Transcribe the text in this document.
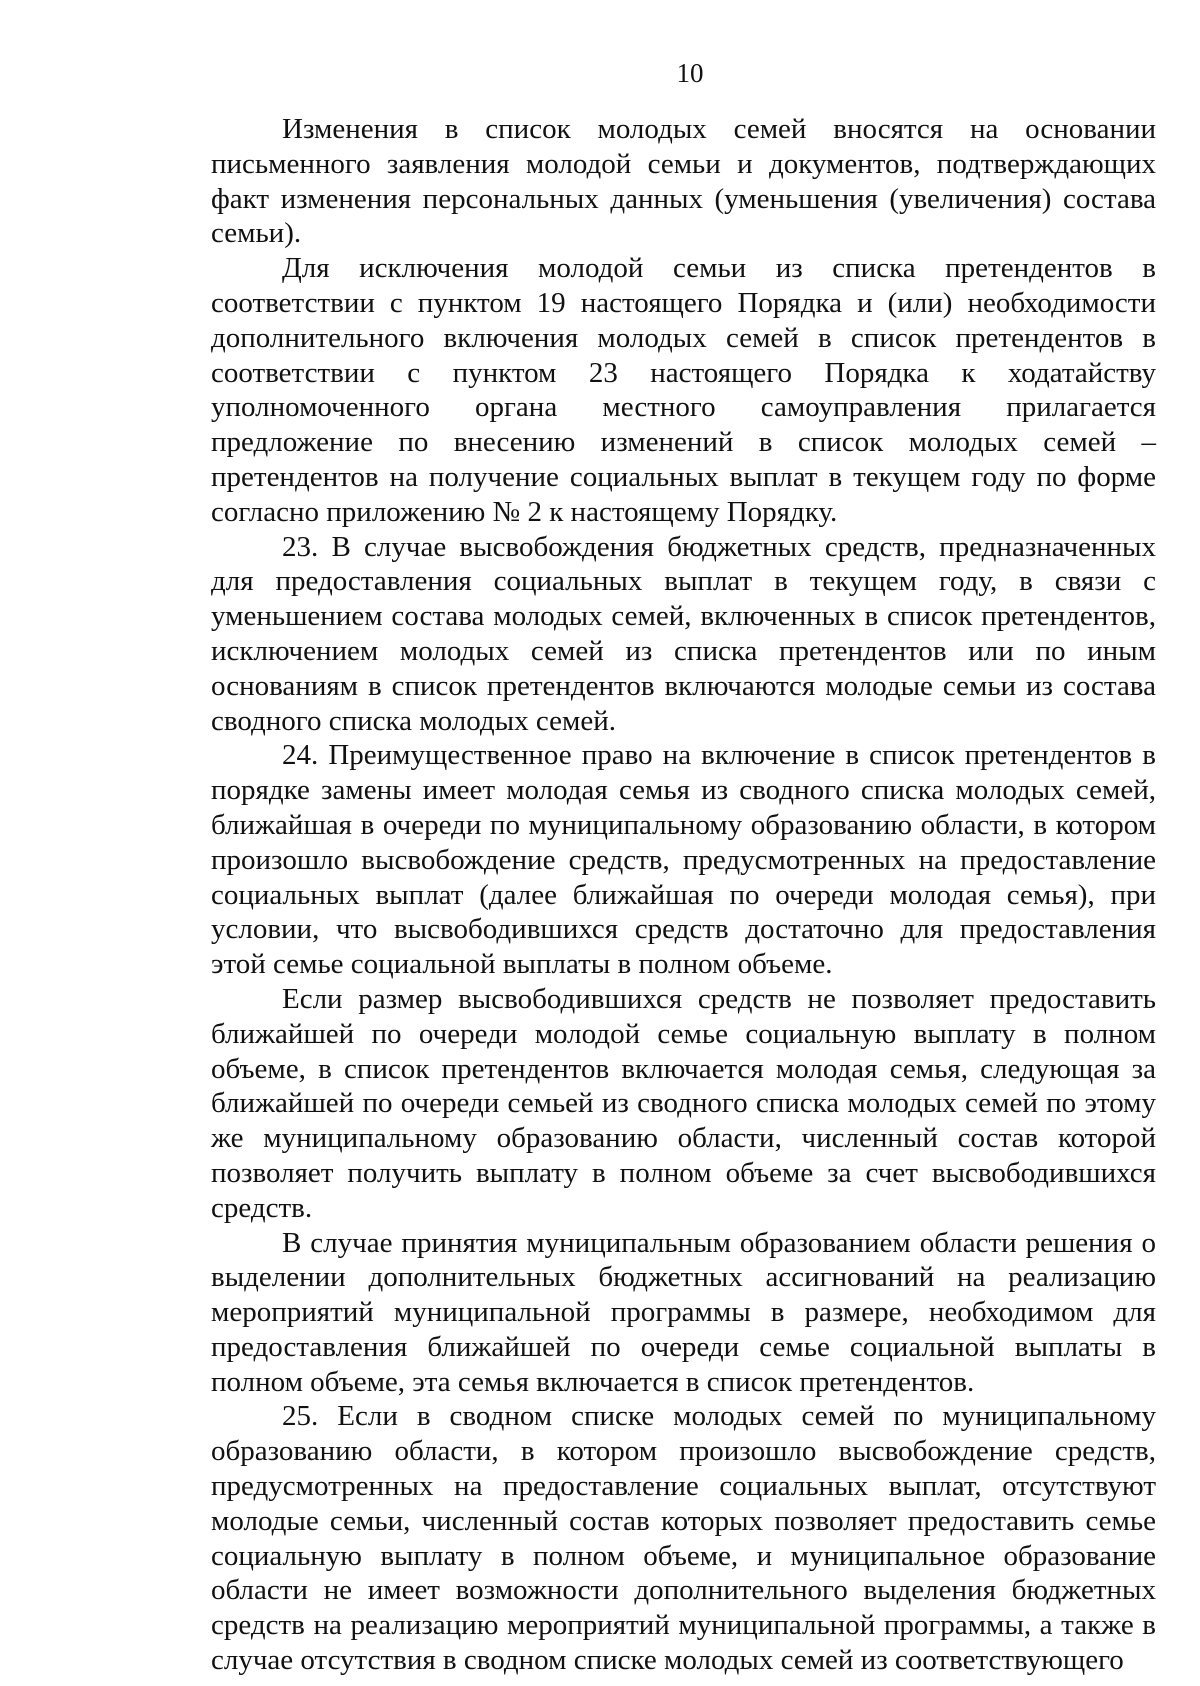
10

Изменения в список молодых семей вносятся на основании письменного заявления молодой семьи и документов, подтверждающих факт изменения персональных данных (уменьшения (увеличения) состава семьи).

Для исключения молодой семьи из списка претендентов в соответствии с пунктом 19 настоящего Порядка и (или) необходимости дополнительного включения молодых семей в список претендентов в соответствии с пунктом 23 настоящего Порядка к ходатайству уполномоченного органа местного самоуправления прилагается предложение по внесению изменений в список молодых семей – претендентов на получение социальных выплат в текущем году по форме согласно приложению № 2 к настоящему Порядку.

23. В случае высвобождения бюджетных средств, предназначенных для предоставления социальных выплат в текущем году, в связи с уменьшением состава молодых семей, включенных в список претендентов, исключением молодых семей из списка претендентов или по иным основаниям в список претендентов включаются молодые семьи из состава сводного списка молодых семей.

24. Преимущественное право на включение в список претендентов в порядке замены имеет молодая семья из сводного списка молодых семей, ближайшая в очереди по муниципальному образованию области, в котором произошло высвобождение средств, предусмотренных на предоставление социальных выплат (далее ближайшая по очереди молодая семья), при условии, что высвободившихся средств достаточно для предоставления этой семье социальной выплаты в полном объеме.

Если размер высвободившихся средств не позволяет предоставить ближайшей по очереди молодой семье социальную выплату в полном объеме, в список претендентов включается молодая семья, следующая за ближайшей по очереди семьей из сводного списка молодых семей по этому же муниципальному образованию области, численный состав которой позволяет получить выплату в полном объеме за счет высвободившихся средств.

В случае принятия муниципальным образованием области решения о выделении дополнительных бюджетных ассигнований на реализацию мероприятий муниципальной программы в размере, необходимом для предоставления ближайшей по очереди семье социальной выплаты в полном объеме, эта семья включается в список претендентов.

25. Если в сводном списке молодых семей по муниципальному образованию области, в котором произошло высвобождение средств, предусмотренных на предоставление социальных выплат, отсутствуют молодые семьи, численный состав которых позволяет предоставить семье социальную выплату в полном объеме, и муниципальное образование области не имеет возможности дополнительного выделения бюджетных средств на реализацию мероприятий муниципальной программы, а также в случае отсутствия в сводном списке молодых семей из соответствующего
